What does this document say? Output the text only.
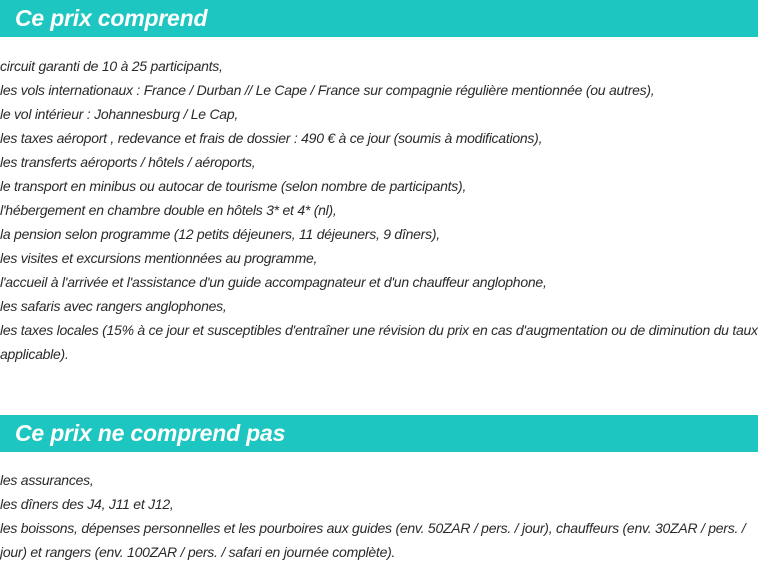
Ce prix comprend
circuit garanti de 10 à 25 participants,
les vols internationaux : France / Durban // Le Cape / France sur compagnie régulière mentionnée (ou autres),
le vol intérieur : Johannesburg / Le Cap,
les taxes aéroport , redevance et frais de dossier : 490 € à ce jour (soumis à modifications),
les transferts aéroports / hôtels / aéroports,
le transport en minibus ou autocar de tourisme (selon nombre de participants),
l'hébergement en chambre double en hôtels 3* et 4* (nl),
la pension selon programme (12 petits déjeuners, 11 déjeuners, 9 dîners),
les visites et excursions mentionnées au programme,
l'accueil à l'arrivée et l'assistance d'un guide accompagnateur et d'un chauffeur anglophone,
les safaris avec rangers anglophones,
les taxes locales (15% à ce jour et susceptibles d'entraîner une révision du prix en cas d'augmentation ou de diminution du taux applicable).
Ce prix ne comprend pas
les assurances,
les dîners des J4, J11 et J12,
les boissons, dépenses personnelles et les pourboires aux guides (env. 50ZAR / pers. / jour), chauffeurs (env. 30ZAR / pers. / jour) et rangers (env. 100ZAR / pers. / safari en journée complète).
